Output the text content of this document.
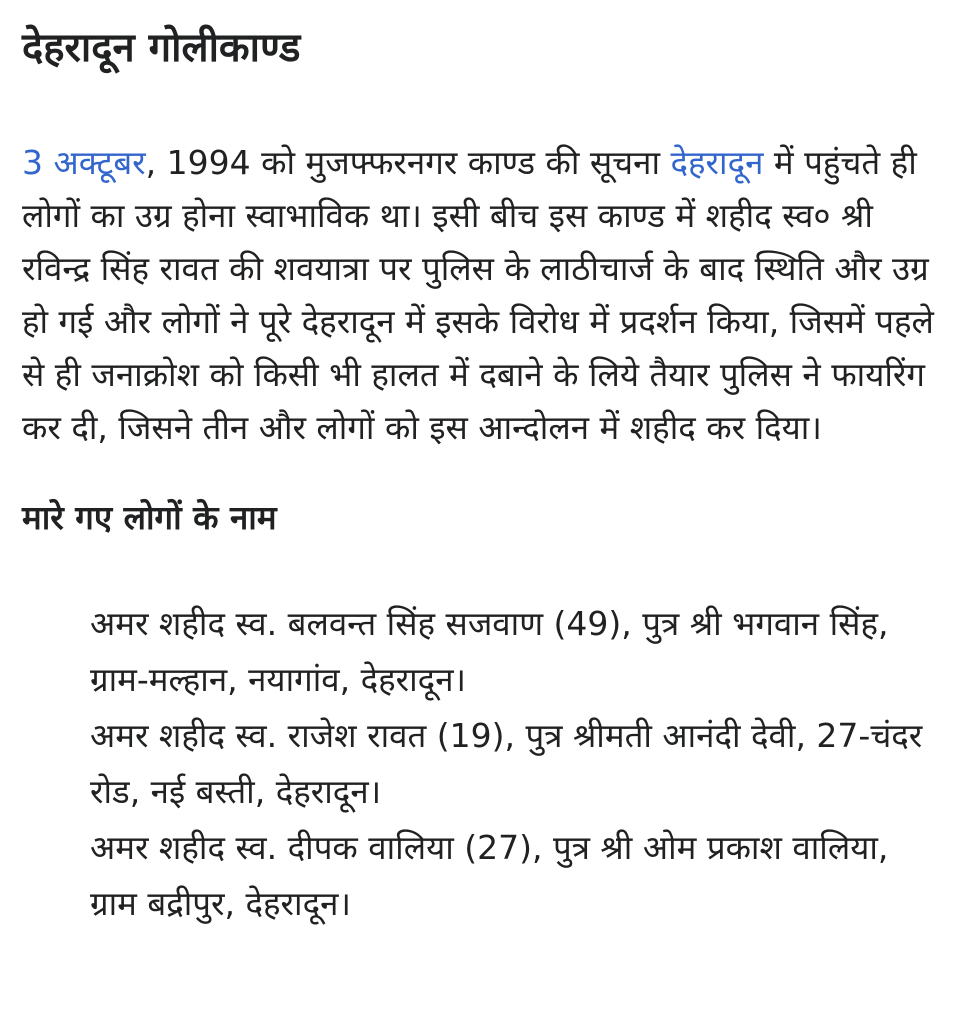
देहरादून गोलीकाण्ड

3 अक्टूबर, 1994 को मुजफ्फरनगर काण्ड की सूचना देहरादून में पहुंचते ही लोगों का उग्र होना स्वाभाविक था। इसी बीच इस काण्ड में शहीद स्व० श्री रविन्द्र सिंह रावत की शवयात्रा पर पुलिस के लाठीचार्ज के बाद स्थिति और उग्र हो गई और लोगों ने पूरे देहरादून में इसके विरोध में प्रदर्शन किया, जिसमें पहले से ही जनाक्रोश को किसी भी हालत में दबाने के लिये तैयार पुलिस ने फायरिंग कर दी, जिसने तीन और लोगों को इस आन्दोलन में शहीद कर दिया।

मारे गए लोगों के नाम
अमर शहीद स्व. बलवन्त सिंह सजवाण (49), पुत्र श्री भगवान सिंह, ग्राम-मल्हान, नयागांव, देहरादून।
अमर शहीद स्व. राजेश रावत (19), पुत्र श्रीमती आनंदी देवी, 27-चंदर रोड, नई बस्ती, देहरादून।
अमर शहीद स्व. दीपक वालिया (27), पुत्र श्री ओम प्रकाश वालिया, ग्राम बद्रीपुर, देहरादून।
